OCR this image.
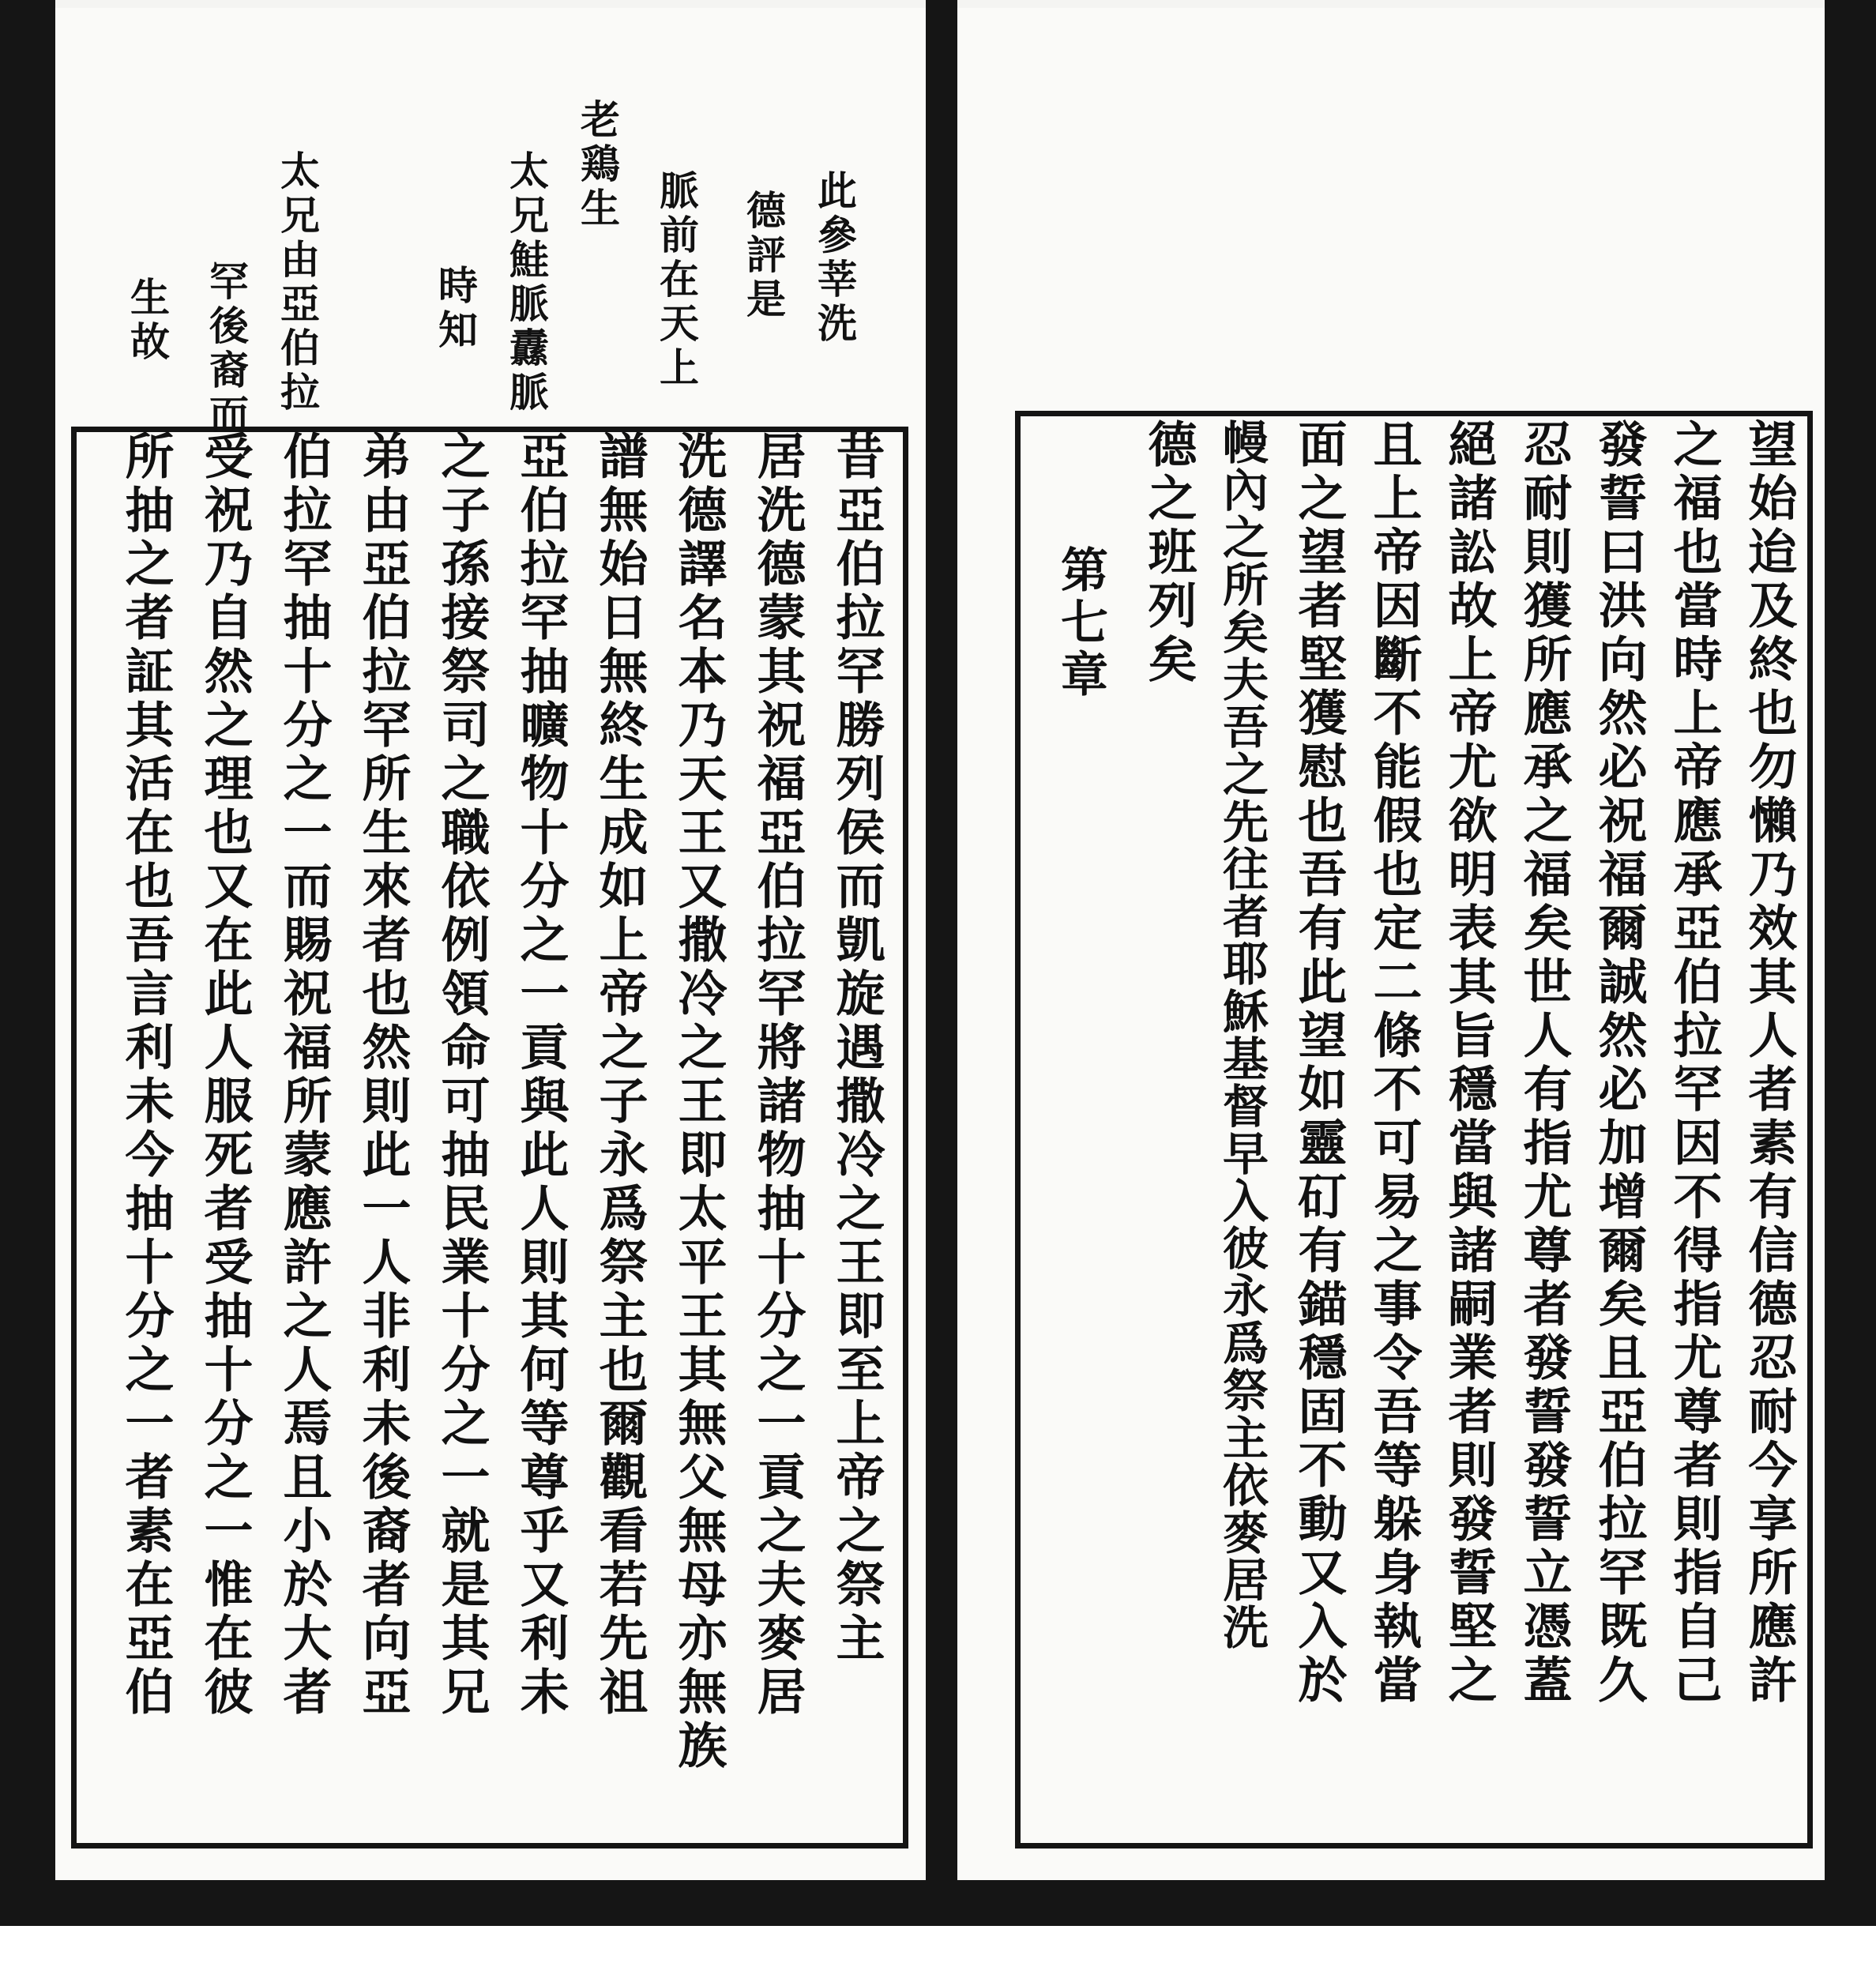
此參莘洗
德評是
脈前在天上
時知 太兄鮭脈纛脈 老鶏生
太兄由亞伯拉
罕後裔而
生故
昔亞伯拉罕勝列侯而凱旋遇撒冷之王即至上帝之祭主
居洗德蒙其祝福亞伯拉罕將諸物抽十分之一貢之夫麥居
洗德譯名本乃天王又撒冷之王即太平王其無父無母亦無族
譜無始日無終生成如上帝之子永爲祭主也爾觀看若先祖
亞伯拉罕抽曠物十分之一貢與此人則其何等尊乎又利未
之子孫接祭司之職依例領命可抽民業十分之一就是其兄
弟由亞伯拉罕所生來者也然則此一人非利未後裔者向亞
伯拉罕抽十分之一而賜祝福所蒙應許之人焉且小於大者
受祝乃自然之理也又在此人服死者受抽十分之一惟在彼
所抽之者証其活在也吾言利未今抽十分之一者素在亞伯	望始迨及終也勿懶乃效其人者素有信德忍耐今享所應許
之福也當時上帝應承亞伯拉罕因不得指尤尊者則指自己
發誓曰洪向然必祝福爾誠然必加增爾矣且亞伯拉罕既久
忍耐則獲所應承之福矣世人有指尤尊者發誓發誓立憑蓋
絕諸訟故上帝尤欲明表其旨穩當與諸嗣業者則發誓堅之
且上帝因斷不能假也定二條不可易之事令吾等躲身執當
面之望者堅獲慰也吾有此望如靈矴有錨穩固不動又入於
幔內之所矣夫吾之先往者耶穌基督早入彼永爲祭主依麥居洗
德之班列矣
第七章
